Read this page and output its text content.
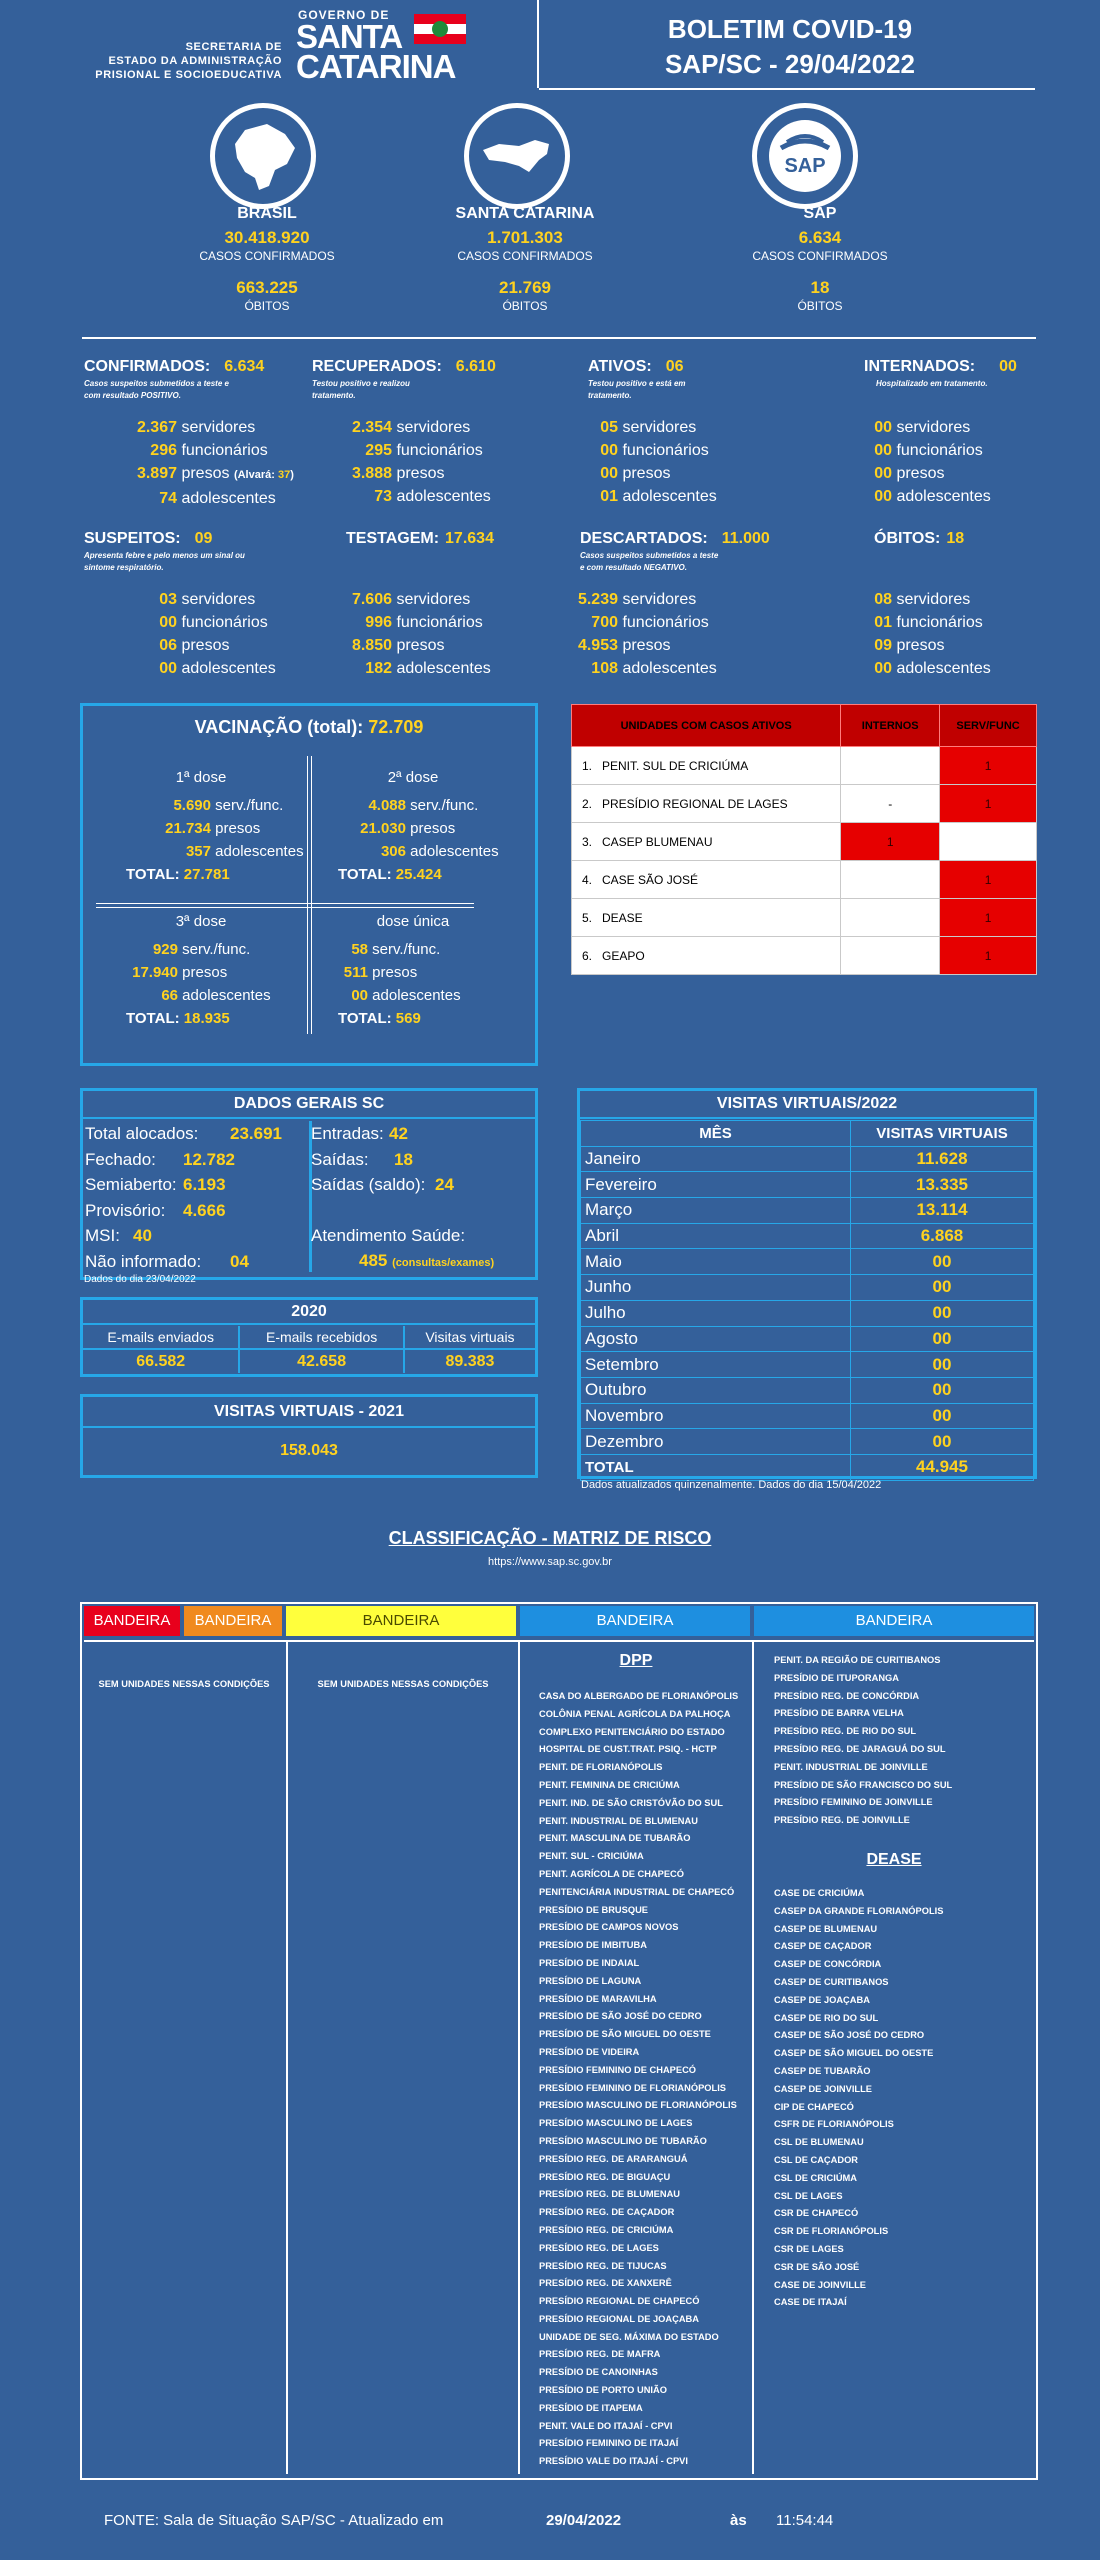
SECRETARIA DE
ESTADO DA ADMINISTRAÇÃO
PRISIONAL E SOCIOEDUCATIVA
GOVERNO DE
SANTA
CATARINA
BOLETIM COVID-19
SAP/SC - 29/04/2022
SAP
BRASIL
30.418.920
CASOS CONFIRMADOS
663.225
ÓBITOS
SANTA CATARINA
1.701.303
CASOS CONFIRMADOS
21.769
ÓBITOS
SAP
6.634
CASOS CONFIRMADOS
18
ÓBITOS
CONFIRMADOS: 6.634
Casos suspeitos submetidos a teste e com resultado POSITIVO.
2.367 servidores
296 funcionários
3.897 presos (Alvará: 37)
74 adolescentes
RECUPERADOS: 6.610
Testou positivo e realizou tratamento.
2.354 servidores
295 funcionários
3.888 presos
73 adolescentes
ATIVOS: 06
Testou positivo e está em tratamento.
05 servidores
00 funcionários
00 presos
01 adolescentes
INTERNADOS: 00
Hospitalizado em tratamento.
00 servidores
00 funcionários
00 presos
00 adolescentes
SUSPEITOS: 09
Apresenta febre e pelo menos um sinal ou sintome respiratório.
03 servidores
00 funcionários
06 presos
00 adolescentes
TESTAGEM: 17.634
7.606 servidores
996 funcionários
8.850 presos
182 adolescentes
DESCARTADOS: 11.000
Casos suspeitos submetidos a teste e com resultado NEGATIVO.
5.239 servidores
700 funcionários
4.953 presos
108 adolescentes
ÓBITOS: 18
08 servidores
01 funcionários
09 presos
00 adolescentes
VACINAÇÃO (total): 72.709
1ª dose
5.690 serv./func.
21.734 presos
357 adolescentes
TOTAL: 27.781
2ª dose
4.088 serv./func.
21.030 presos
306 adolescentes
TOTAL: 25.424
3ª dose
929 serv./func.
17.940 presos
66 adolescentes
TOTAL: 18.935
dose única
58 serv./func.
511 presos
00 adolescentes
TOTAL: 569
UNIDADES COM CASOS ATIVOS	INTERNOS	SERV/FUNC
1. PENIT. SUL DE CRICIÚMA		1
2. PRESÍDIO REGIONAL DE LAGES	-	1
3. CASEP BLUMENAU	1	
4. CASE SÃO JOSÉ		1
5. DEASE		1
6. GEAPO		1
DADOS GERAIS SC
Total alocados: 23.691
Fechado: 12.782
Semiaberto: 6.193
Provisório: 4.666
MSI: 40
Não informado: 04
Entradas: 42
Saídas: 18
Saídas (saldo): 24
Atendimento Saúde:
485 (consultas/exames)
Dados do dia 23/04/2022
2020
E-mails enviados	E-mails recebidos	Visitas virtuais
66.582	42.658	89.383
VISITAS VIRTUAIS - 2021
158.043
VISITAS VIRTUAIS/2022
MÊS	VISITAS VIRTUAIS
Janeiro	11.628
Fevereiro	13.335
Março	13.114
Abril	6.868
Maio	00
Junho	00
Julho	00
Agosto	00
Setembro	00
Outubro	00
Novembro	00
Dezembro	00
TOTAL	44.945
Dados atualizados quinzenalmente. Dados do dia 15/04/2022
CLASSIFICAÇÃO - MATRIZ DE RISCO
https://www.sap.sc.gov.br
BANDEIRA	BANDEIRA	BANDEIRA	BANDEIRA	BANDEIRA
SEM UNIDADES NESSAS CONDIÇÕES	SEM UNIDADES NESSAS CONDIÇÕES
DPP
CASA DO ALBERGADO DE FLORIANÓPOLIS
COLÔNIA PENAL AGRÍCOLA DA PALHOÇA
COMPLEXO PENITENCIÁRIO DO ESTADO
HOSPITAL DE CUST.TRAT. PSIQ. - HCTP
PENIT. DE FLORIANÓPOLIS
PENIT. FEMININA DE CRICIÚMA
PENIT. IND. DE SÃO CRISTÓVÃO DO SUL
PENIT. INDUSTRIAL DE BLUMENAU
PENIT. MASCULINA DE TUBARÃO
PENIT. SUL - CRICIÚMA
PENIT. AGRÍCOLA DE CHAPECÓ
PENITENCIÁRIA INDUSTRIAL DE CHAPECÓ
PRESÍDIO DE BRUSQUE
PRESÍDIO DE CAMPOS NOVOS
PRESÍDIO DE IMBITUBA
PRESÍDIO DE INDAIAL
PRESÍDIO DE LAGUNA
PRESÍDIO DE MARAVILHA
PRESÍDIO DE SÃO JOSÉ DO CEDRO
PRESÍDIO DE SÃO MIGUEL DO OESTE
PRESÍDIO DE VIDEIRA
PRESÍDIO FEMININO DE CHAPECÓ
PRESÍDIO FEMININO DE FLORIANÓPOLIS
PRESÍDIO MASCULINO DE FLORIANÓPOLIS
PRESÍDIO MASCULINO DE LAGES
PRESÍDIO MASCULINO DE TUBARÃO
PRESÍDIO REG. DE ARARANGUÁ
PRESÍDIO REG. DE BIGUAÇU
PRESÍDIO REG. DE BLUMENAU
PRESÍDIO REG. DE CAÇADOR
PRESÍDIO REG. DE CRICIÚMA
PRESÍDIO REG. DE LAGES
PRESÍDIO REG. DE TIJUCAS
PRESÍDIO REG. DE XANXERÊ
PRESÍDIO REGIONAL DE CHAPECÓ
PRESÍDIO REGIONAL DE JOAÇABA
UNIDADE DE SEG. MÁXIMA DO ESTADO
PRESÍDIO REG. DE MAFRA
PRESÍDIO DE CANOINHAS
PRESÍDIO DE PORTO UNIÃO
PRESÍDIO DE ITAPEMA
PENIT. VALE DO ITAJAÍ - CPVI
PRESÍDIO FEMININO DE ITAJAÍ
PRESÍDIO VALE DO ITAJAÍ - CPVI
PENIT. DA REGIÃO DE CURITIBANOS
PRESÍDIO DE ITUPORANGA
PRESÍDIO REG. DE CONCÓRDIA
PRESÍDIO DE BARRA VELHA
PRESÍDIO REG. DE RIO DO SUL
PRESÍDIO REG. DE JARAGUÁ DO SUL
PENIT. INDUSTRIAL DE JOINVILLE
PRESÍDIO DE SÃO FRANCISCO DO SUL
PRESÍDIO FEMININO DE JOINVILLE
PRESÍDIO REG. DE JOINVILLE
DEASE
CASE DE CRICIÚMA
CASEP DA GRANDE FLORIANÓPOLIS
CASEP DE BLUMENAU
CASEP DE CAÇADOR
CASEP DE CONCÓRDIA
CASEP DE CURITIBANOS
CASEP DE JOAÇABA
CASEP DE RIO DO SUL
CASEP DE SÃO JOSÉ DO CEDRO
CASEP DE SÃO MIGUEL DO OESTE
CASEP DE TUBARÃO
CASEP DE JOINVILLE
CIP DE CHAPECÓ
CSFR DE FLORIANÓPOLIS
CSL DE BLUMENAU
CSL DE CAÇADOR
CSL DE CRICIÚMA
CSL DE LAGES
CSR DE CHAPECÓ
CSR DE FLORIANÓPOLIS
CSR DE LAGES
CSR DE SÃO JOSÉ
CASE DE JOINVILLE
CASE DE ITAJAÍ
FONTE: Sala de Situação SAP/SC - Atualizado em	29/04/2022	às 11:54:44
